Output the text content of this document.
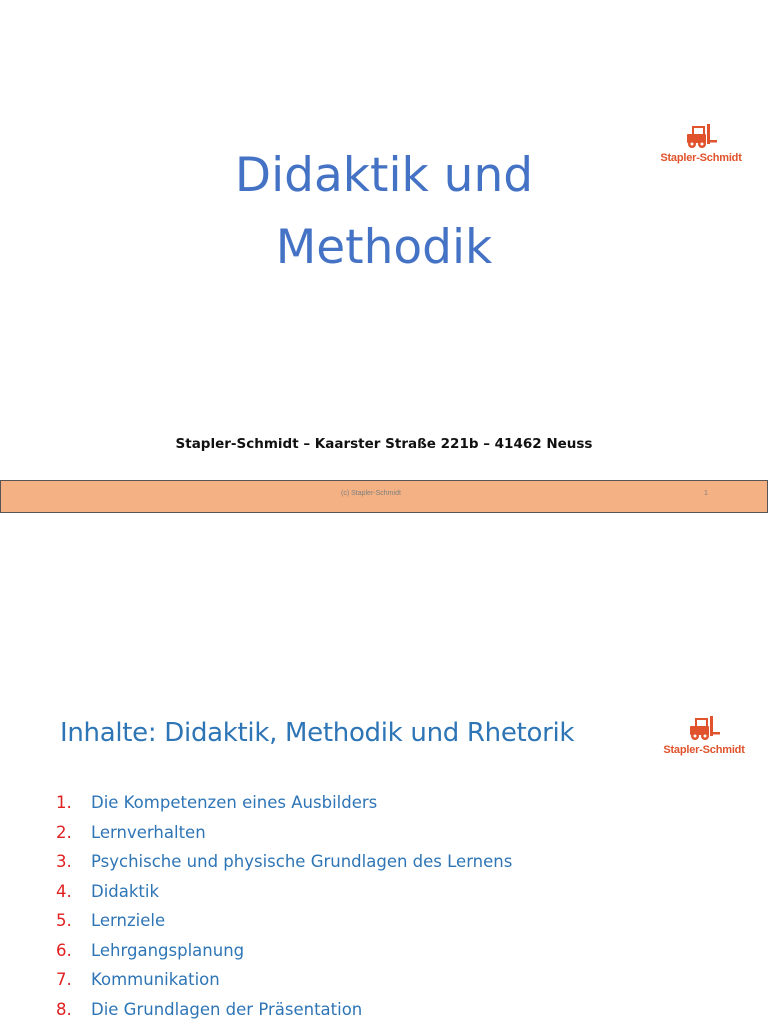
Stapler-Schmidt
Didaktik und
Methodik
Stapler-Schmidt – Kaarster Straße 221b – 41462 Neuss
(c) Stapler-Schmidt	1
Inhalte: Didaktik, Methodik und Rhetorik
1. Die Kompetenzen eines Ausbilders
2. Lernverhalten
3. Psychische und physische Grundlagen des Lernens
4. Didaktik
5. Lernziele
6. Lehrgangsplanung
7. Kommunikation
8. Die Grundlagen der Präsentation
Stapler-Schmidt
